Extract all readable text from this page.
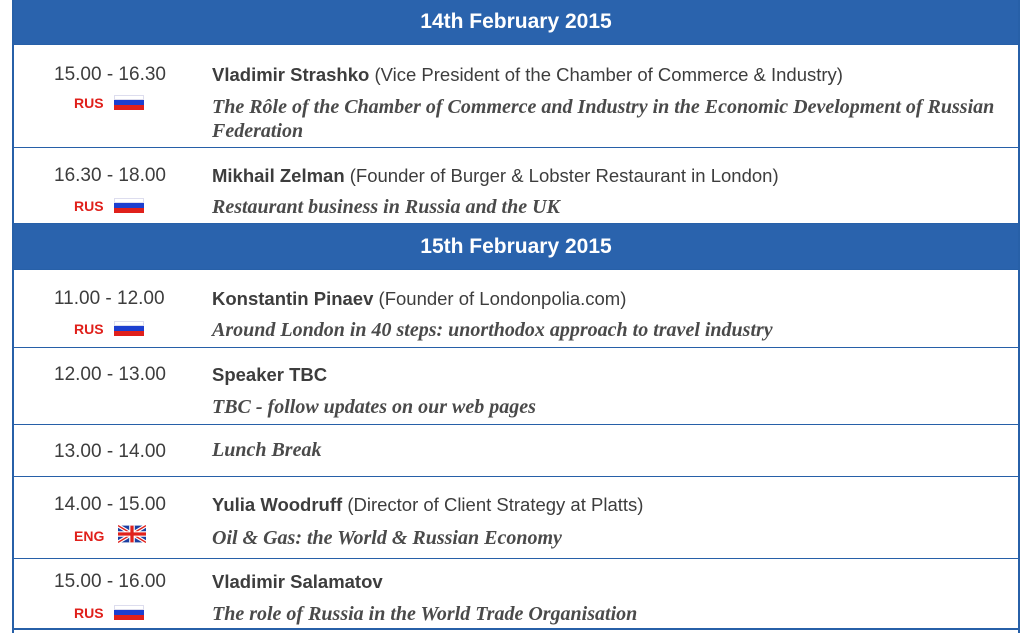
14th February 2015
15.00 - 16.30
RUS
Vladimir Strashko (Vice President of the Chamber of Commerce & Industry)
The Rôle of the Chamber of Commerce and Industry in the Economic Development of Russian Federation
16.30 - 18.00
RUS
Mikhail Zelman (Founder of Burger & Lobster Restaurant in London)
Restaurant business in Russia and the UK
15th February 2015
11.00 - 12.00
RUS
Konstantin Pinaev (Founder of Londonpolia.com)
Around London in 40 steps: unorthodox approach to travel industry
12.00 - 13.00	Speaker TBC
TBC - follow updates on our web pages
13.00 - 14.00	Lunch Break
14.00 - 15.00
ENG
Yulia Woodruff (Director of Client Strategy at Platts)
Oil & Gas: the World & Russian Economy
15.00 - 16.00
RUS
Vladimir Salamatov
The role of Russia in the World Trade Organisation
